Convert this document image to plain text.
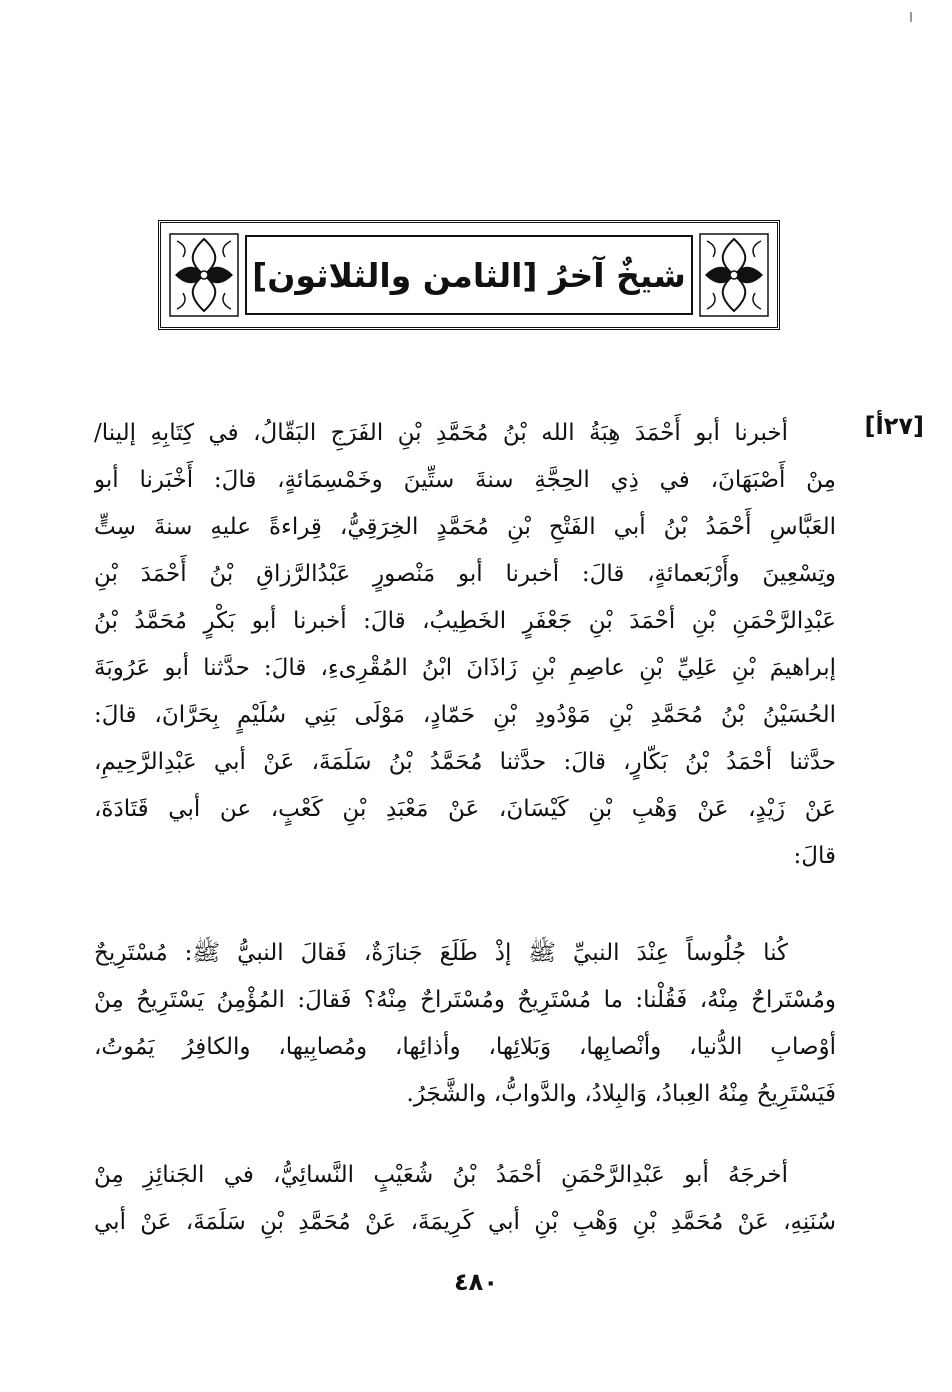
شيخٌ آخرُ [الثامن والثلاثون]
[٢٧أ]
أخبرنا أبو أَحْمَدَ هِبَةُ الله بْنُ مُحَمَّدِ بْنِ الفَرَجِ البَقّالُ، في كِتَابِهِ إلينا/
مِنْ أَصْبَهَانَ، في ذِي الحِجَّةِ سنةَ ستِّينَ وخَمْسِمَائةٍ، قالَ: أَخْبَرنا أبو
العَبَّاسِ أَحْمَدُ بْنُ أبي الفَتْحِ بْنِ مُحَمَّدٍ الخِرَقِيُّ، قِراءةً عليهِ سنةَ سِتٍّ
وتِسْعِينَ وأَرْبَعمائةٍ، قالَ: أخبرنا أبو مَنْصورٍ عَبْدُالرَّزاقِ بْنُ أَحْمَدَ بْنِ
عَبْدِالرَّحْمَنِ بْنِ أحْمَدَ بْنِ جَعْفَرٍ الخَطِيبُ، قالَ: أخبرنا أبو بَكْرٍ مُحَمَّدُ بْنُ
إبراهيمَ بْنِ عَلِيِّ بْنِ عاصِمِ بْنِ زَاذَانَ ابْنُ المُقْرِىءِ، قالَ: حدَّثنا أبو عَرُوبَةَ
الحُسَيْنُ بْنُ مُحَمَّدِ بْنِ مَوْدُودِ بْنِ حَمّادٍ، مَوْلَى بَنِي سُلَيْمٍ بِحَرَّانَ، قالَ:
حدَّثنا أحْمَدُ بْنُ بَكّارٍ، قالَ: حدَّثنا مُحَمَّدُ بْنُ سَلَمَةَ، عَنْ أبي عَبْدِالرَّحِيمِ،
عَنْ زَيْدٍ، عَنْ وَهْبِ بْنِ كَيْسَانَ، عَنْ مَعْبَدِ بْنِ كَعْبٍ، عن أبي قَتَادَةَ،
قالَ:
كُنا جُلُوساً عِنْدَ النبيِّ ﷺ إذْ طَلَعَ جَنازَةٌ، فَقالَ النبيُّ ﷺ: مُسْتَرِيحٌ
ومُسْتَراحٌ مِنْهُ، فَقُلْنا: ما مُسْتَرِيحٌ ومُسْتَراحٌ مِنْهُ؟ فَقالَ: المُؤْمِنُ يَسْتَرِيحُ مِنْ
أوْصابِ الدُّنيا، وأنْصابِها، وَبَلائِها، وأذائِها، ومُصابِيها، والكافِرُ يَمُوتُ،
فَيَسْتَرِيحُ مِنْهُ العِبادُ، وَالبِلادُ، والدَّوابُّ، والشَّجَرُ.
أخرجَهُ أبو عَبْدِالرَّحْمَنِ أحْمَدُ بْنُ شُعَيْبٍ النَّسائِيُّ، في الجَنائِزِ مِنْ
سُنَنِهِ، عَنْ مُحَمَّدِ بْنِ وَهْبِ بْنِ أبي كَرِيمَةَ، عَنْ مُحَمَّدِ بْنِ سَلَمَةَ، عَنْ أبي
٤٨٠
